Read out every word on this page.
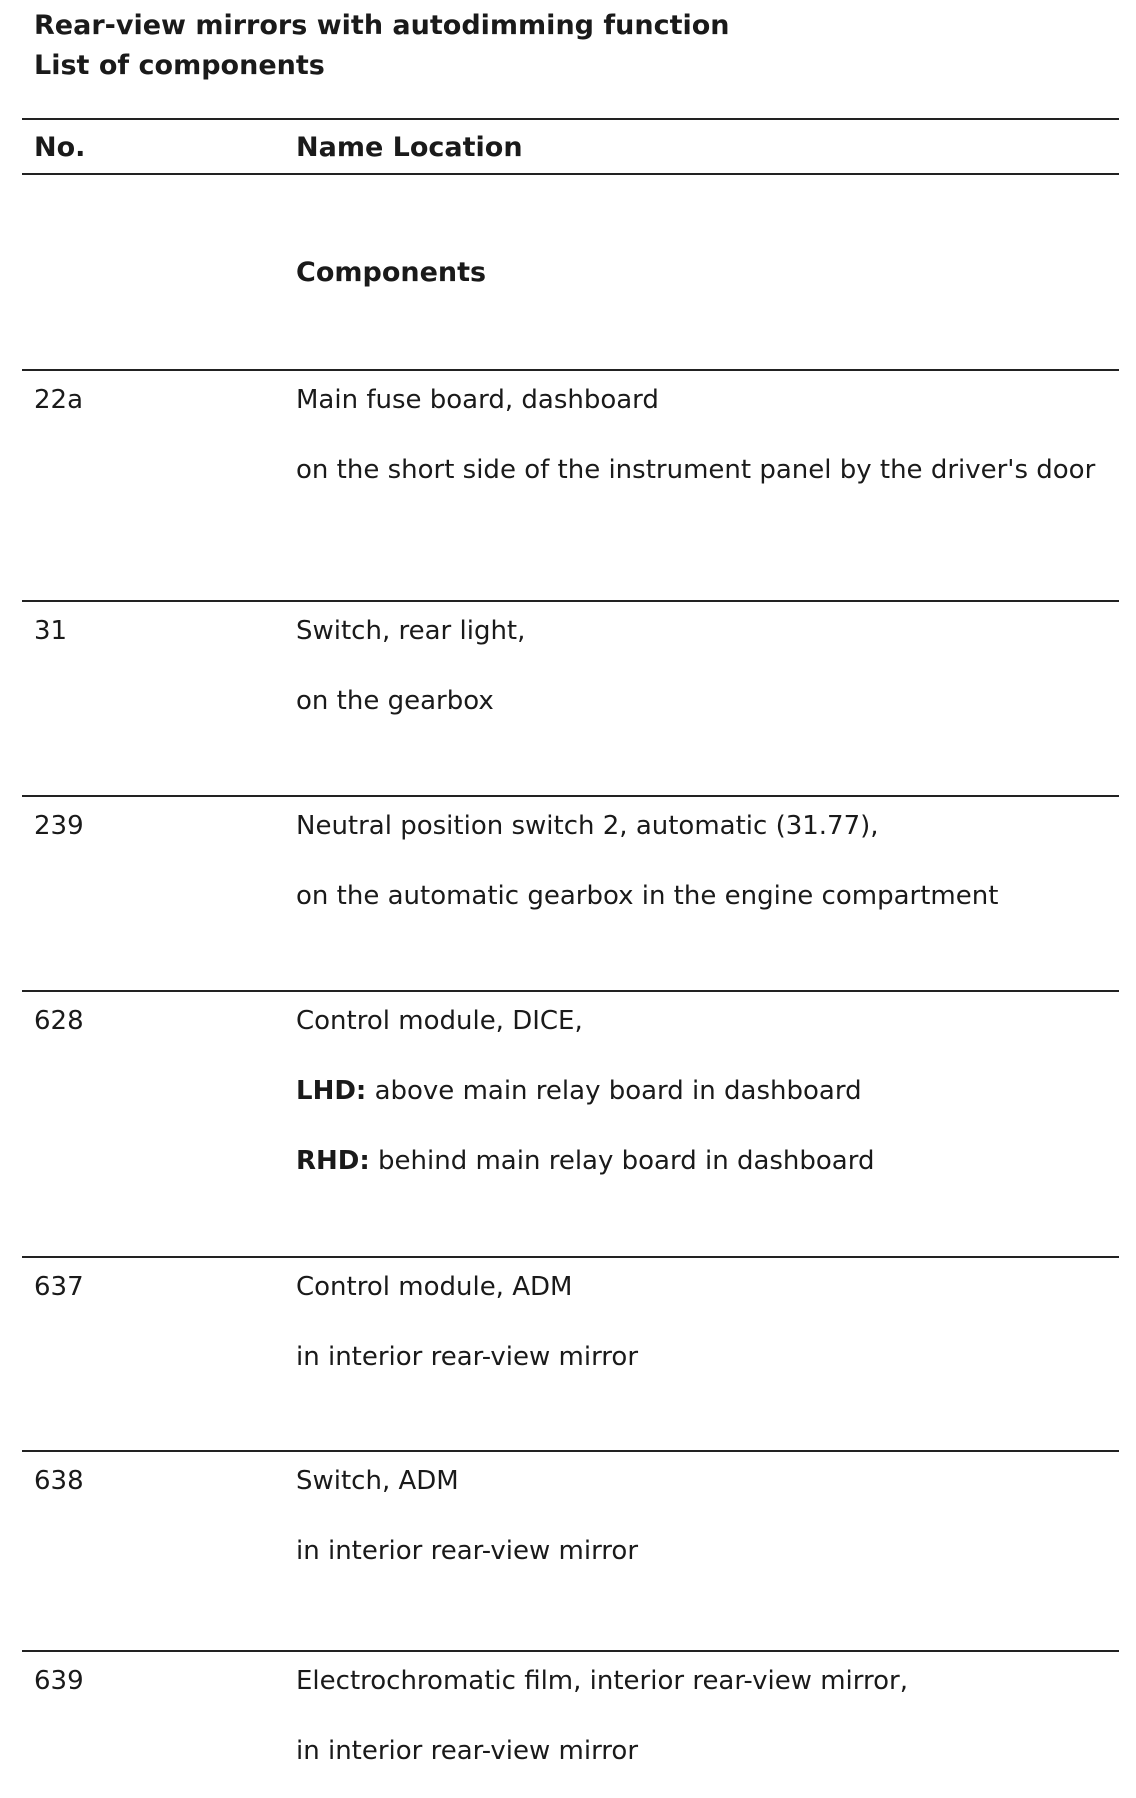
Rear-view mirrors with autodimming function
List of components
No.	Name Location
Components
22a	Main fuse board, dashboard

on the short side of the instrument panel by the driver's door

31	Switch, rear light,

on the gearbox

239	Neutral position switch 2, automatic (31.77),

on the automatic gearbox in the engine compartment

628	Control module, DICE,

LHD: above main relay board in dashboard

RHD: behind main relay board in dashboard

637	Control module, ADM

in interior rear-view mirror

638	Switch, ADM

in interior rear-view mirror

639	Electrochromatic film, interior rear-view mirror,

in interior rear-view mirror
